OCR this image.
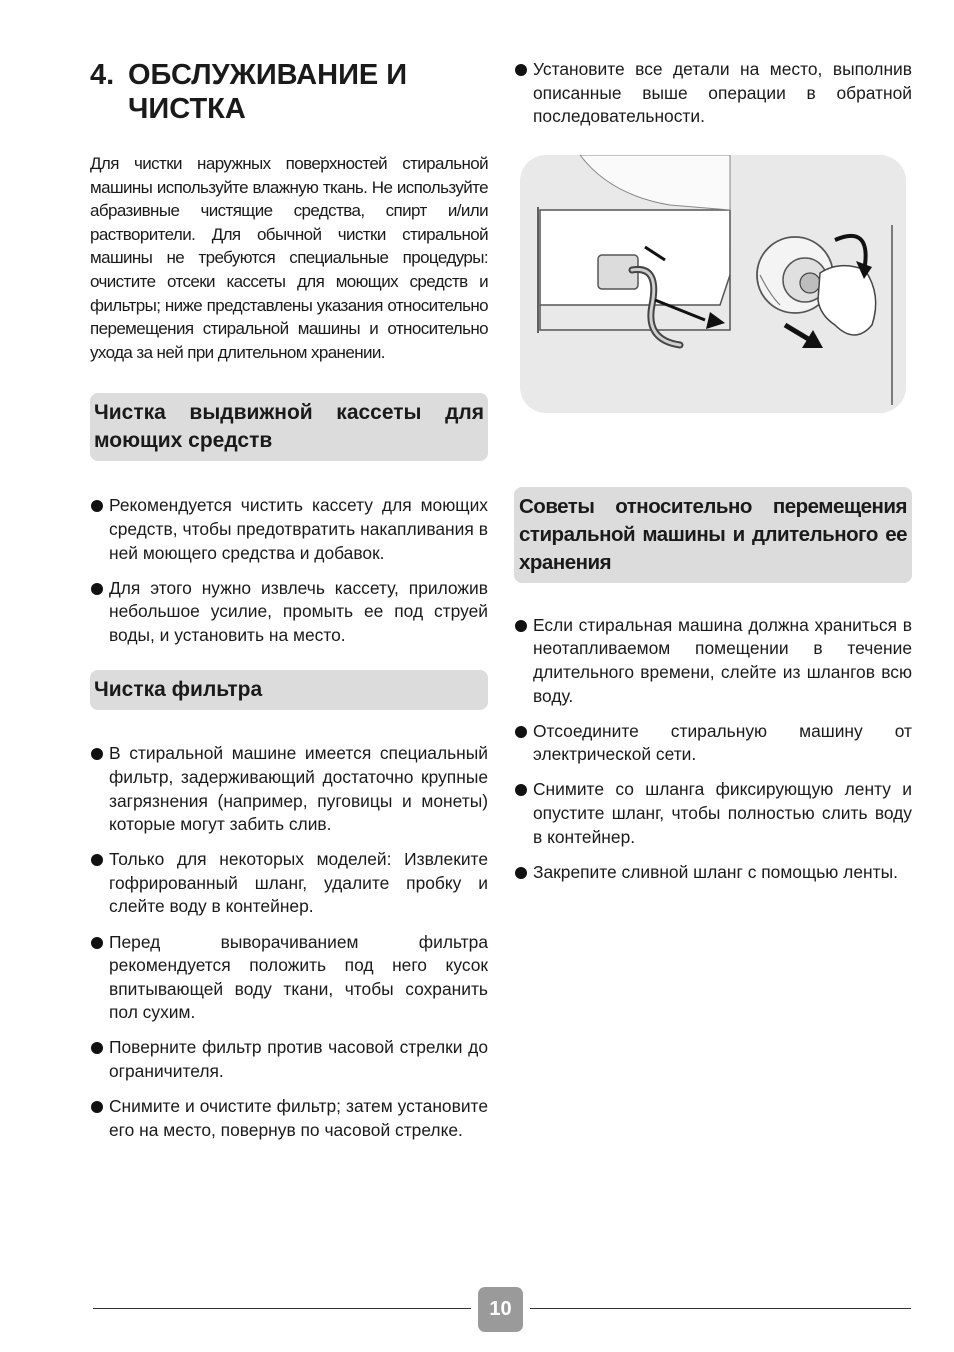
4. ОБСЛУЖИВАНИЕ И ЧИСТКА

Для чистки наружных поверхностей стиральной машины используйте влажную ткань. Не используйте абразивные чистящие средства, спирт и/или растворители. Для обычной чистки стиральной машины не требуются специальные процедуры: очистите отсеки кассеты для моющих средств и фильтры; ниже представлены указания относительно перемещения стиральной машины и относительно ухода за ней при длительном хранении.

Чистка выдвижной кассеты для моющих средств
Рекомендуется чистить кассету для моющих средств, чтобы предотвратить накапливания в ней моющего средства и добавок.
Для этого нужно извлечь кассету, приложив небольшое усилие, промыть ее под струей воды, и установить на место.
Чистка фильтра
В стиральной машине имеется специальный фильтр, задерживающий достаточно крупные загрязнения (например, пуговицы и монеты) которые могут забить слив.
Только для некоторых моделей: Извлеките гофрированный шланг, удалите пробку и слейте воду в контейнер.
Перед выворачиванием фильтра рекомендуется положить под него кусок впитывающей воду ткани, чтобы сохранить пол сухим.
Поверните фильтр против часовой стрелки до ограничителя.
Снимите и очистите фильтр; затем установите его на место, повернув по часовой стрелке.
Установите все детали на место, выполнив описанные выше операции в обратной последовательности.
Советы относительно перемещения стиральной машины и длительного ее хранения
Если стиральная машина должна храниться в неотапливаемом помещении в течение длительного времени, слейте из шлангов всю воду.
Отсоедините стиральную машину от электрической сети.
Снимите со шланга фиксирующую ленту и опустите шланг, чтобы полностью слить воду в контейнер.
Закрепите сливной шланг с помощью ленты.
10
